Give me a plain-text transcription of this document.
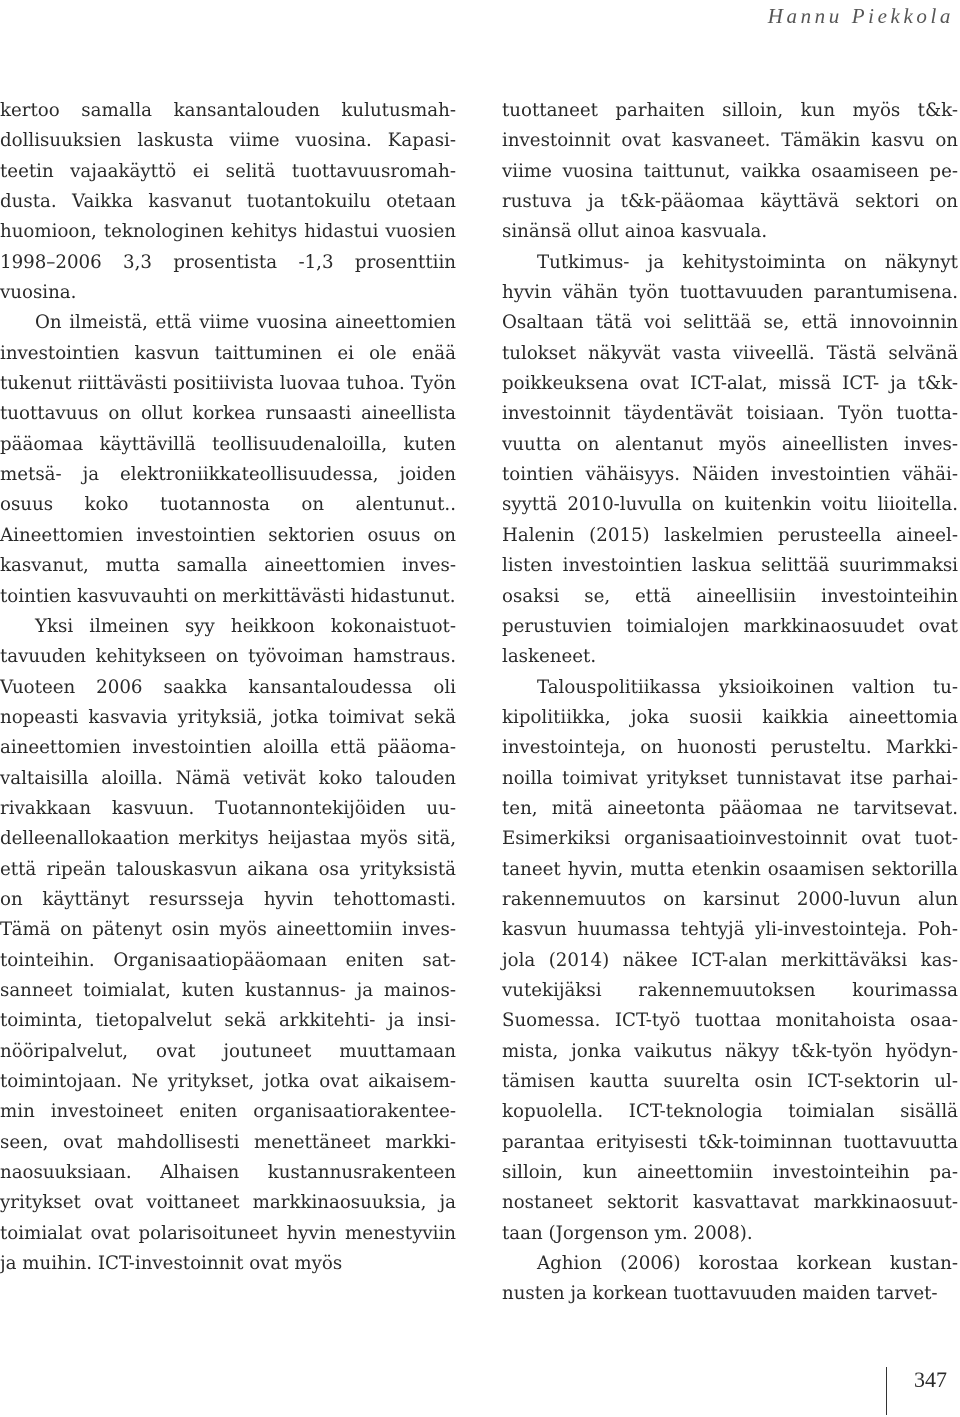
Hannu Piekkola

kertoo samalla kansantalouden kulutusmahdollisuuksien laskusta viime vuosina. Kapasiteetin vajaakäyttö ei selitä tuottavuusromahdusta. Vaikka kasvanut tuotantokuilu otetaan huomioon, teknologinen kehitys hidastui vuosien 1998–2006 3,3 prosentista -1,3 prosenttiin vuosina.

On ilmeistä, että viime vuosina aineettomien investointien kasvun taittuminen ei ole enää tukenut riittävästi positiivista luovaa tuhoa. Työn tuottavuus on ollut korkea runsaasti aineellista pääomaa käyttävillä teollisuudenaloilla, kuten metsä- ja elektroniikkateollisuudessa, joiden osuus koko tuotannosta on alentunut.. Aineettomien investointien sektorien osuus on kasvanut, mutta samalla aineettomien investointien kasvuvauhti on merkittävästi hidastunut.

Yksi ilmeinen syy heikkoon kokonaistuottavuuden kehitykseen on työvoiman hamstraus. Vuoteen 2006 saakka kansantaloudessa oli nopeasti kasvavia yrityksiä, jotka toimivat sekä aineettomien investointien aloilla että pääomavaltaisilla aloilla. Nämä vetivät koko talouden rivakkaan kasvuun. Tuotannontekijöiden uudelleenallokaation merkitys heijastaa myös sitä, että ripeän talouskasvun aikana osa yrityksistä on käyttänyt resursseja hyvin tehottomasti. Tämä on pätenyt osin myös aineettomiin investointeihin. Organisaatiopääomaan eniten satsanneet toimialat, kuten kustannus- ja mainostoiminta, tietopalvelut sekä arkkitehti- ja insinööripalvelut, ovat joutuneet muuttamaan toimintojaan. Ne yritykset, jotka ovat aikaisemmin investoineet eniten organisaatiorakenteeseen, ovat mahdollisesti menettäneet markkinaosuuksiaan. Alhaisen kustannusrakenteen yritykset ovat voittaneet markkinaosuuksia, ja toimialat ovat polarisoituneet hyvin menestyviin ja muihin. ICT-investoinnit ovat myös

tuottaneet parhaiten silloin, kun myös t&k-investoinnit ovat kasvaneet. Tämäkin kasvu on viime vuosina taittunut, vaikka osaamiseen perustuva ja t&k-pääomaa käyttävä sektori on sinänsä ollut ainoa kasvuala.

Tutkimus- ja kehitystoiminta on näkynyt hyvin vähän työn tuottavuuden parantumisena. Osaltaan tätä voi selittää se, että innovoinnin tulokset näkyvät vasta viiveellä. Tästä selvänä poikkeuksena ovat ICT-alat, missä ICT- ja t&k-investoinnit täydentävät toisiaan. Työn tuottavuutta on alentanut myös aineellisten investointien vähäisyys. Näiden investointien vähäisyyttä 2010-luvulla on kuitenkin voitu liioitella. Halenin (2015) laskelmien perusteella aineellisten investointien laskua selittää suurimmaksi osaksi se, että aineellisiin investointeihin perustuvien toimialojen markkinaosuudet ovat laskeneet.

Talouspolitiikassa yksioikoinen valtion tukipolitiikka, joka suosii kaikkia aineettomia investointeja, on huonosti perusteltu. Markkinoilla toimivat yritykset tunnistavat itse parhaiten, mitä aineetonta pääomaa ne tarvitsevat. Esimerkiksi organisaatioinvestoinnit ovat tuottaneet hyvin, mutta etenkin osaamisen sektorilla rakennemuutos on karsinut 2000-luvun alun kasvun huumassa tehtyjä yli-investointeja. Pohjola (2014) näkee ICT-alan merkittäväksi kasvutekijäksi rakennemuutoksen kourimassa Suomessa. ICT-työ tuottaa monitahoista osaamista, jonka vaikutus näkyy t&k-työn hyödyntämisen kautta suurelta osin ICT-sektorin ulkopuolella. ICT-teknologia toimialan sisällä parantaa erityisesti t&k-toiminnan tuottavuutta silloin, kun aineettomiin investointeihin panostaneet sektorit kasvattavat markkinaosuuttaan (Jorgenson ym. 2008).

Aghion (2006) korostaa korkean kustannusten ja korkean tuottavuuden maiden tarvet-

347
